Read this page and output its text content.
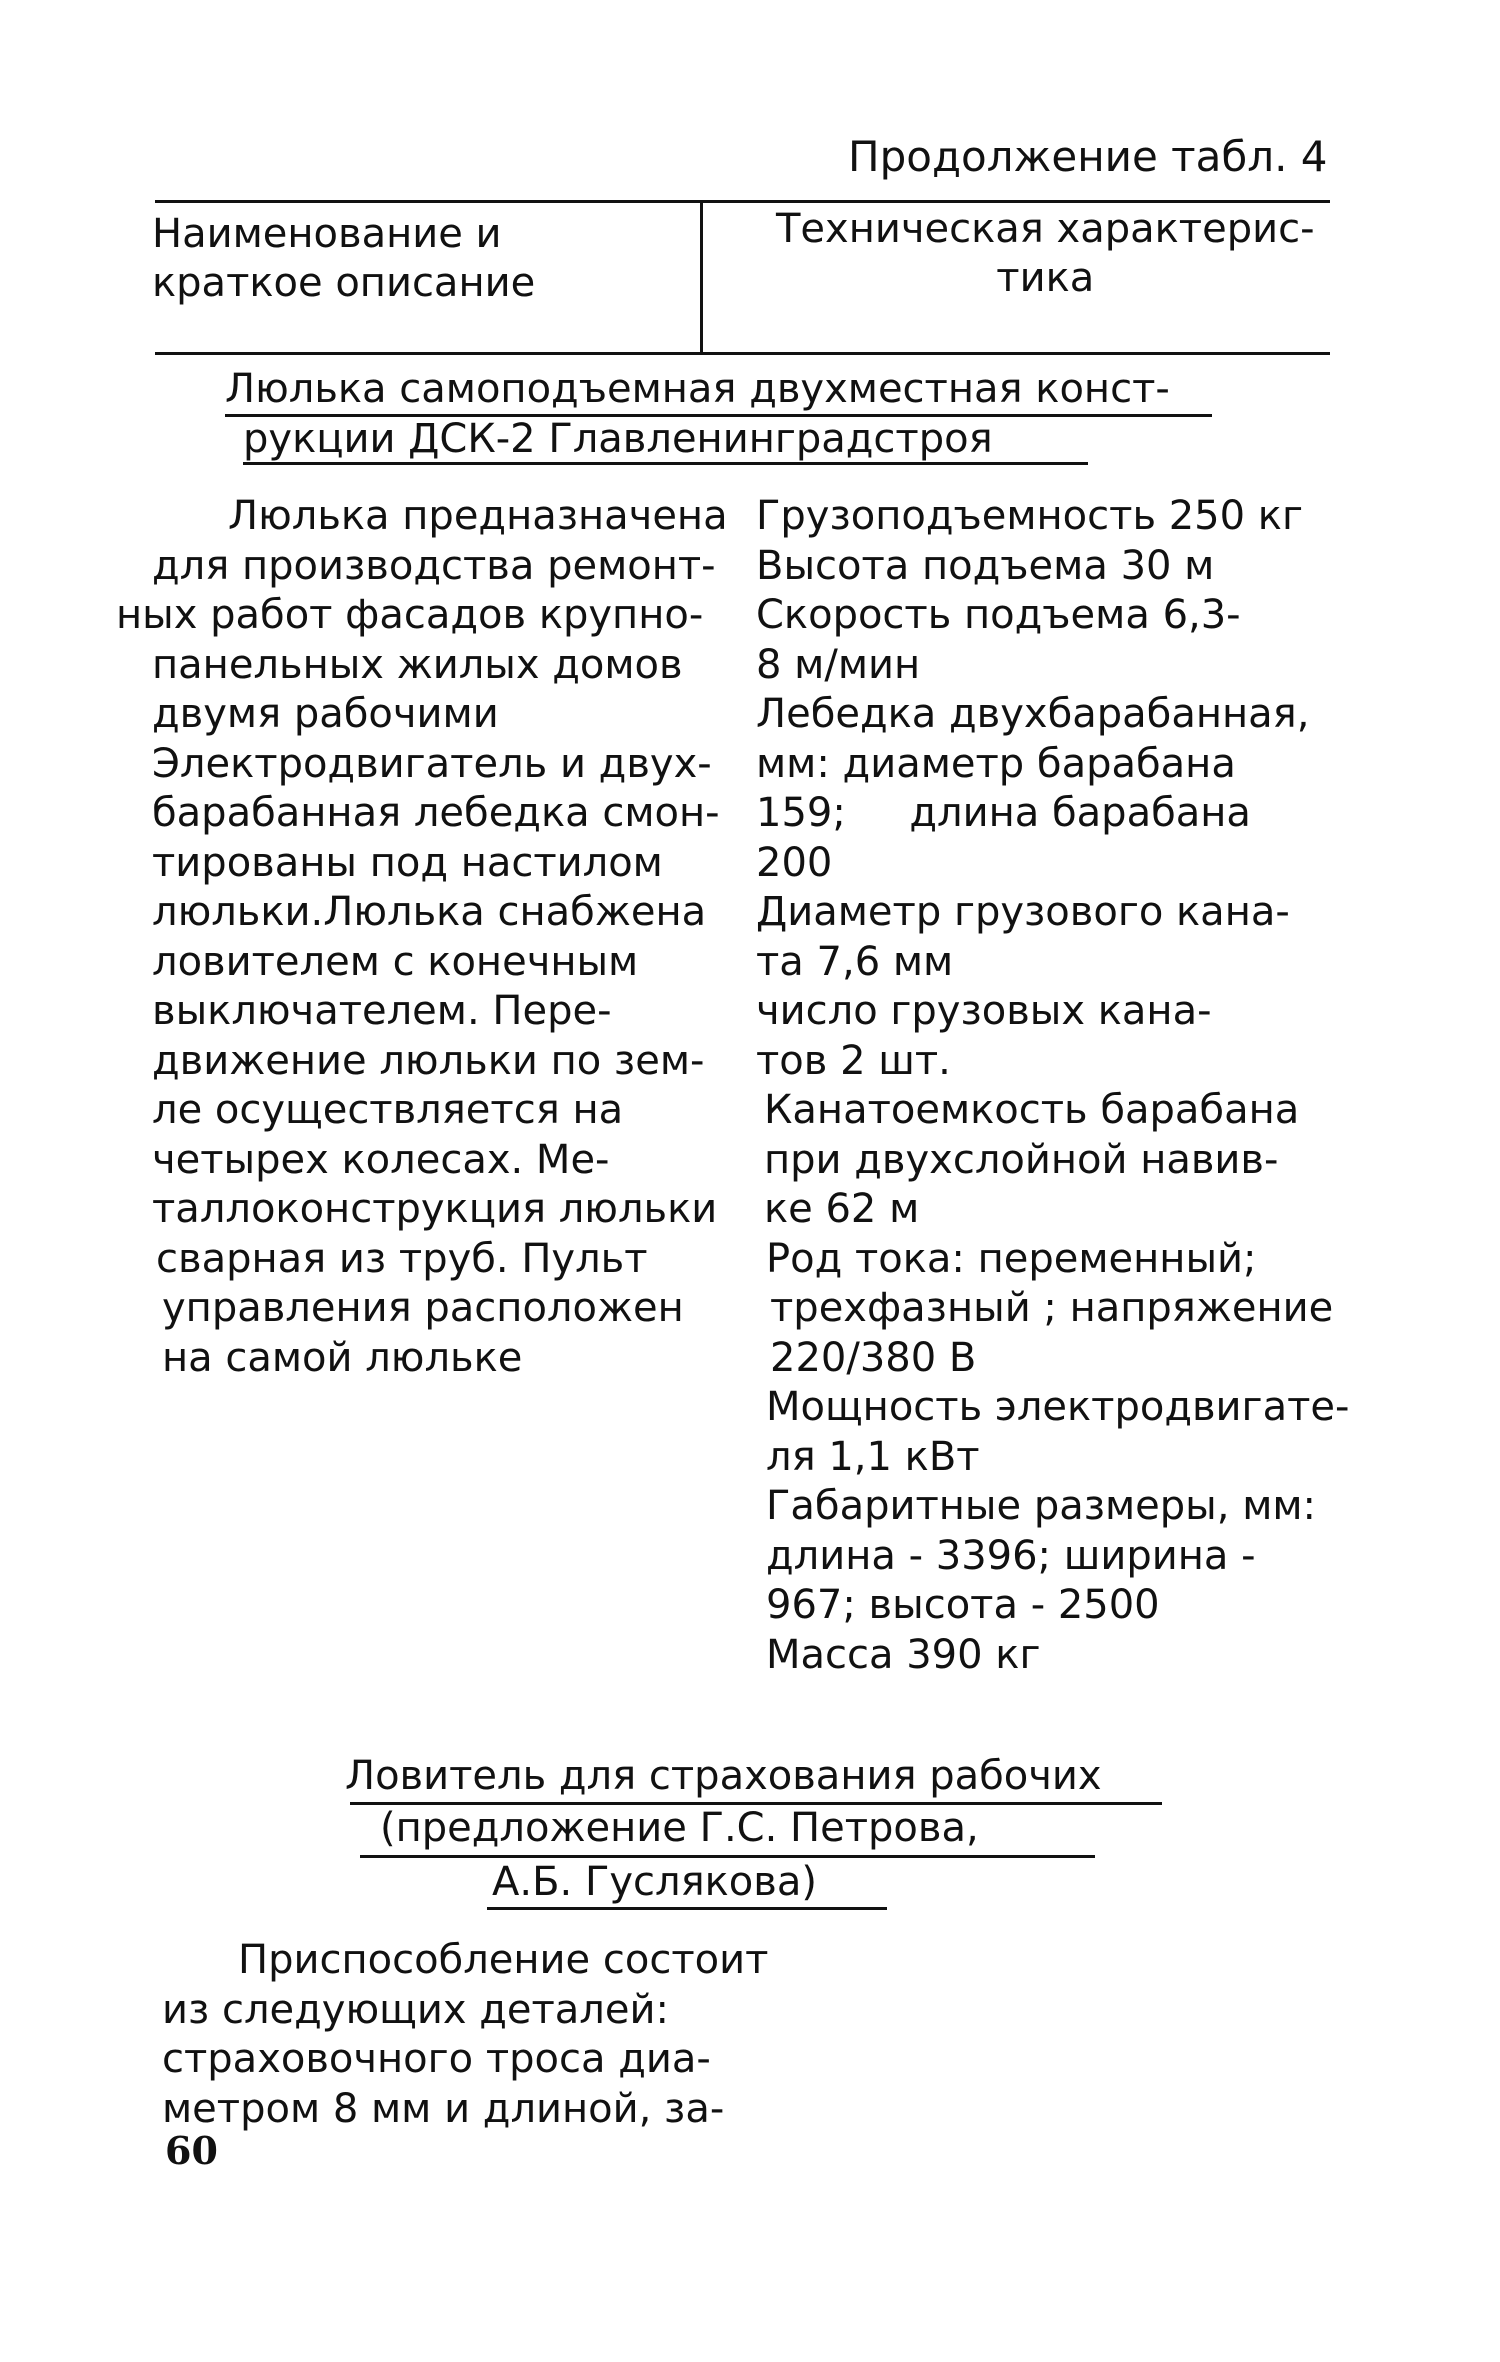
Продолжение табл. 4
Наименование и
краткое описание
Техническая характерис-
тика
Люлька самоподъемная двухместная конст-
рукции ДСК-2 Главленинградстроя
Люлька предназначена
для производства ремонт-
ных работ фасадов крупно-
панельных жилых домов
двумя рабочими
Электродвигатель и двух-
барабанная лебедка смон-
тированы под настилом
люльки.Люлька снабжена
ловителем с конечным
выключателем. Пере-
движение люльки по зем-
ле осуществляется на
четырех колесах. Ме-
таллоконструкция люльки
сварная из труб. Пульт
управления расположен
на самой люльке
Грузоподъемность 250 кг
Высота подъема 30 м
Скорость подъема 6,3-
8 м/мин
Лебедка двухбарабанная,
мм: диаметр барабана
159;     длина барабана
200
Диаметр грузового кана-
та 7,6 мм
число грузовых кана-
тов 2 шт.
Канатоемкость барабана
при двухслойной навив-
ке 62 м
Род тока: переменный;
трехфазный ; напряжение
220/380 В
Мощность электродвигате-
ля 1,1 кВт
Габаритные размеры, мм:
длина - 3396; ширина -
967; высота - 2500
Масса 390 кг
Ловитель для страхования рабочих
(предложение Г.С. Петрова,
А.Б. Гуслякова)
Приспособление состоит
из следующих деталей:
страховочного троса диа-
метром 8 мм и длиной, за-
60
